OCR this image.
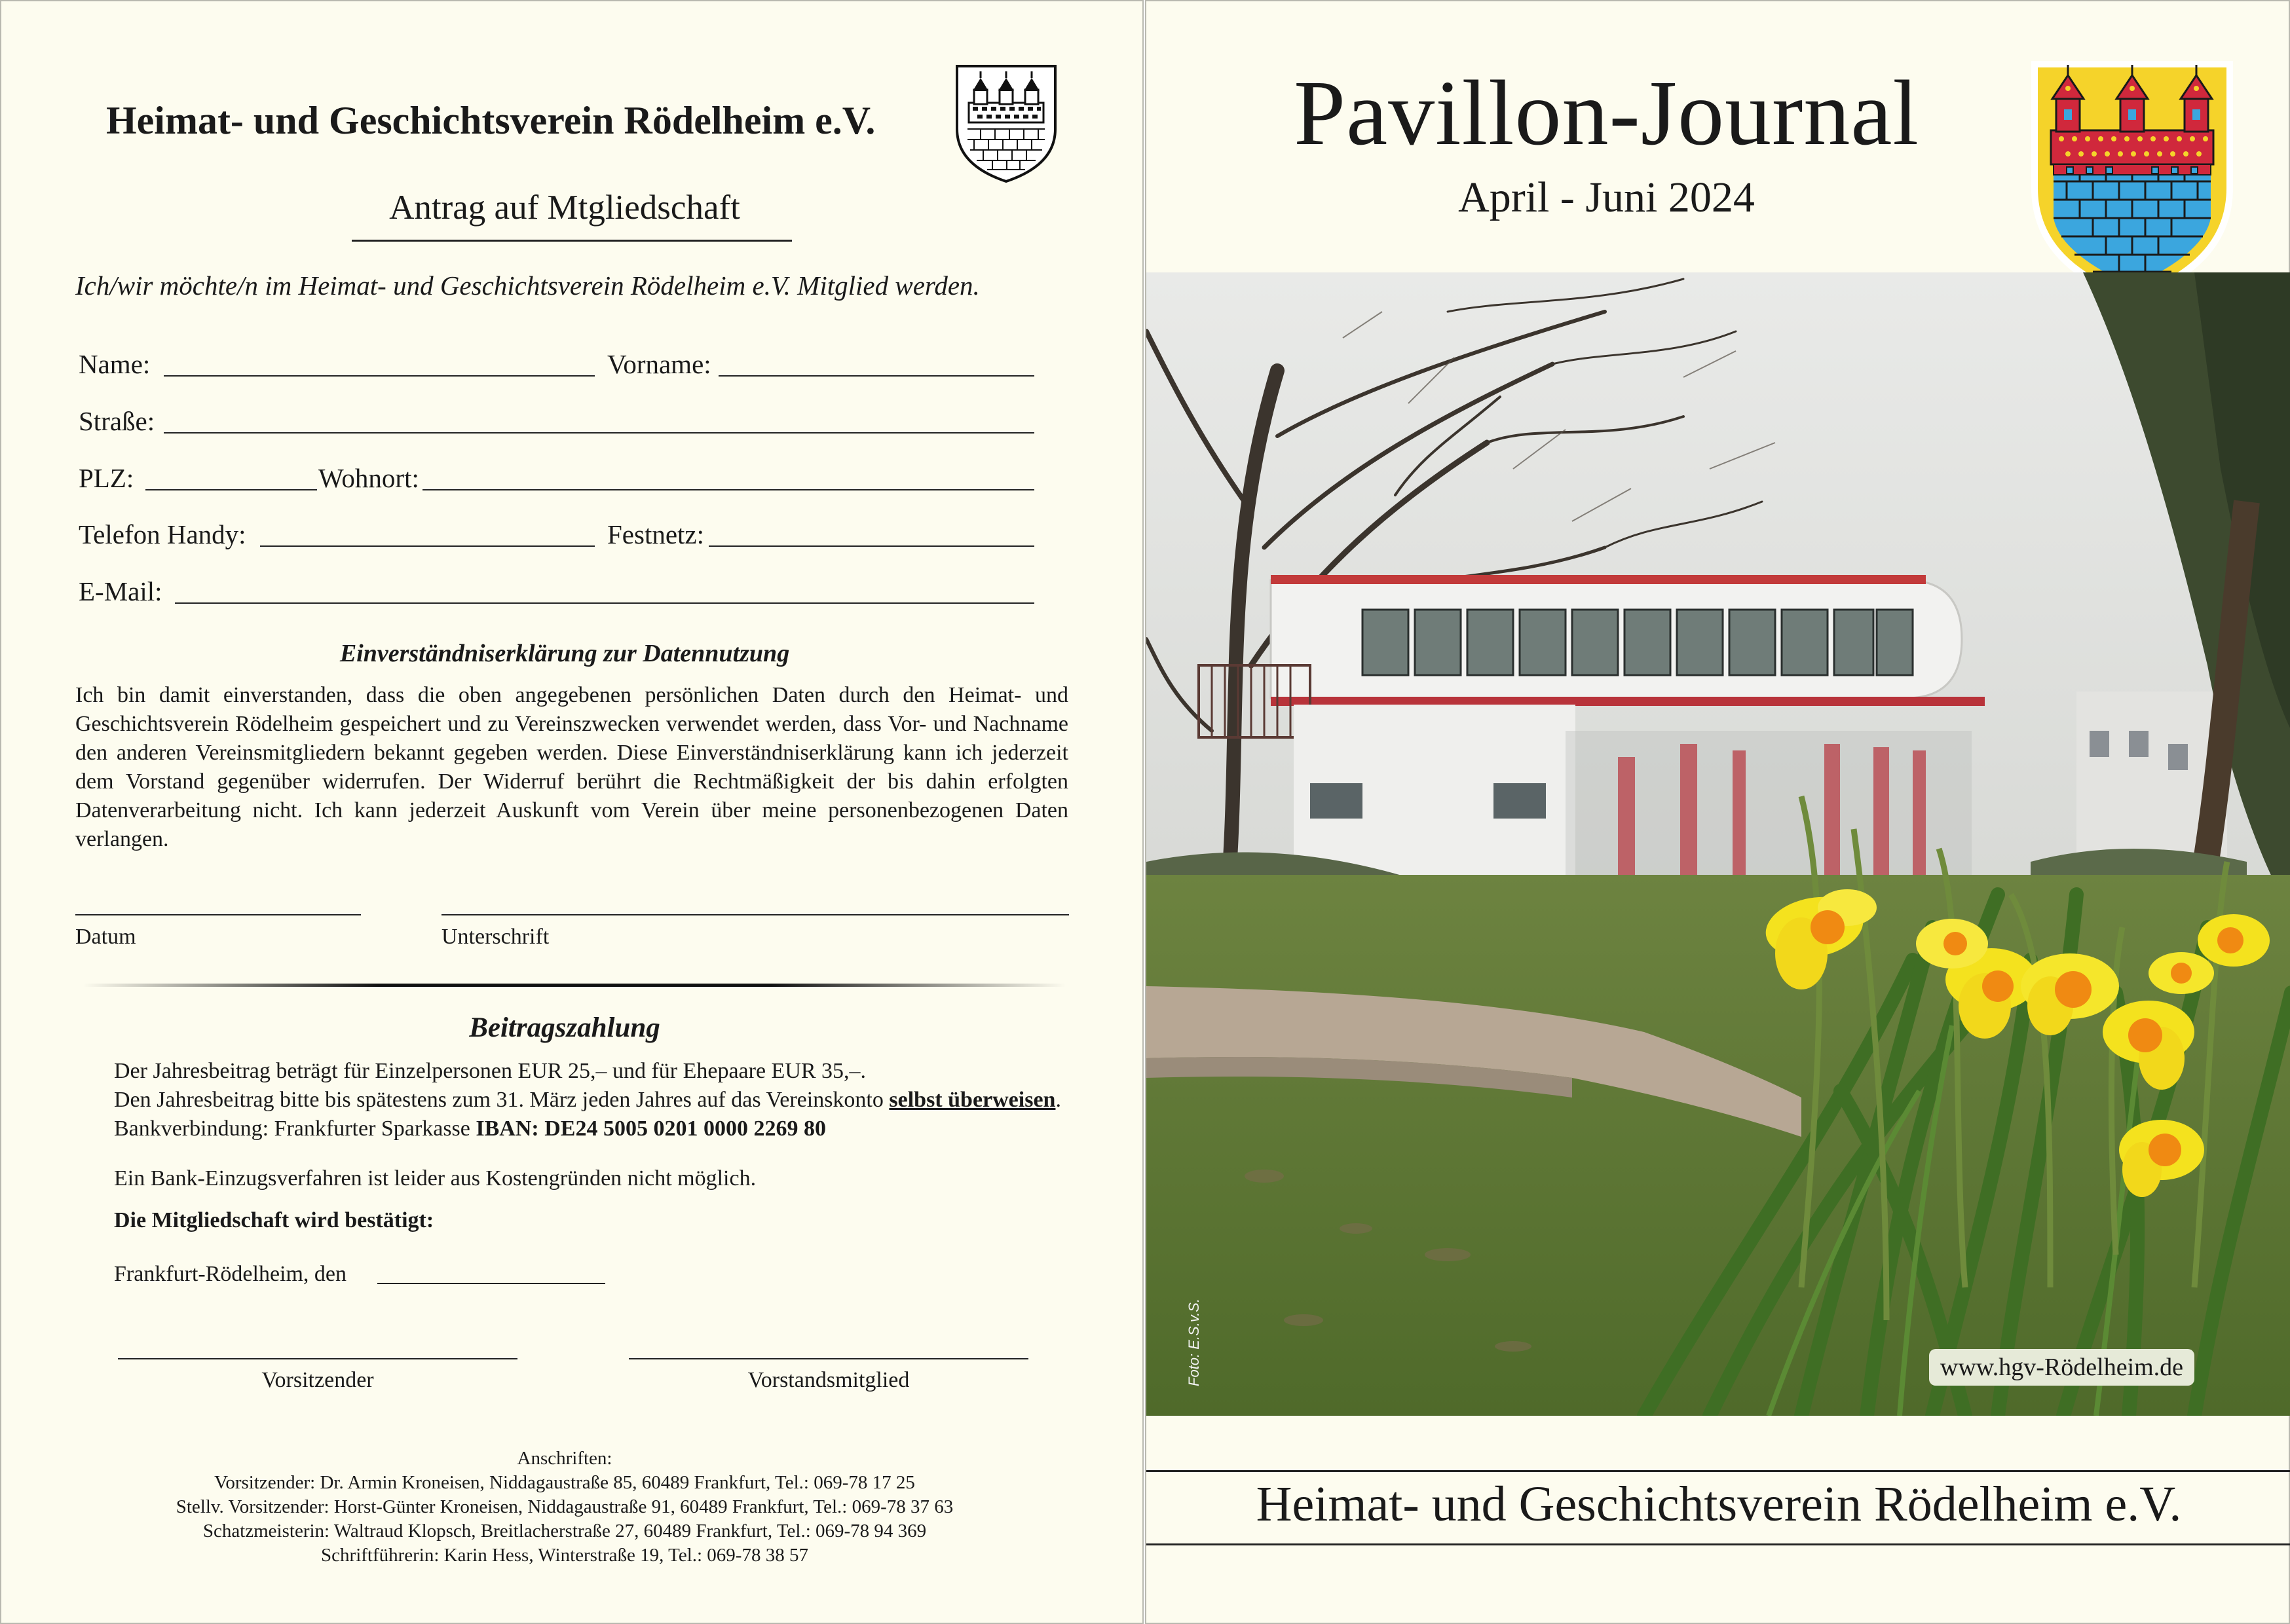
Heimat- und Geschichtsverein Rödelheim e.V.
Antrag auf Mtgliedschaft
Ich/wir möchte/n im Heimat- und Geschichtsverein Rödelheim e.V. Mitglied werden.
Name:	Vorname:
Straße:
PLZ:	Wohnort:
Telefon Handy:	Festnetz:
E-Mail:
Einverständniserklärung zur Datennutzung
Ich bin damit einverstanden, dass die oben angegebenen persönlichen Daten durch den Heimat- und Geschichtsverein Rödelheim gespeichert und zu Vereinszwecken verwendet werden, dass Vor- und Nachname den anderen Vereinsmitgliedern bekannt gegeben werden. Diese Einverständniserklärung kann ich jederzeit dem Vorstand gegenüber widerrufen. Der Widerruf berührt die Rechtmäßigkeit der bis dahin erfolgten Datenverarbeitung nicht. Ich kann jederzeit Auskunft vom Verein über meine personenbezogenen Daten verlangen.
Datum	Unterschrift
Beitragszahlung
Der Jahresbeitrag beträgt für Einzelpersonen EUR 25,– und für Ehepaare EUR 35,–.
Den Jahresbeitrag bitte bis spätestens zum 31. März jeden Jahres auf das Vereinskonto selbst überweisen. Bankverbindung: Frankfurter Sparkasse IBAN: DE24 5005 0201 0000 2269 80
Ein Bank-Einzugsverfahren ist leider aus Kostengründen nicht möglich.
Die Mitgliedschaft wird bestätigt:
Frankfurt-Rödelheim, den
Vorsitzender	Vorstandsmitglied
Anschriften:
Vorsitzender: Dr. Armin Kroneisen, Niddagaustraße 85, 60489 Frankfurt, Tel.: 069-78 17 25
Stellv. Vorsitzender: Horst-Günter Kroneisen, Niddagaustraße 91, 60489 Frankfurt, Tel.: 069-78 37 63
Schatzmeisterin: Waltraud Klopsch, Breitlacherstraße 27, 60489 Frankfurt, Tel.: 069-78 94 369
Schriftführerin: Karin Hess, Winterstraße 19, Tel.: 069-78 38 57
Pavillon-Journal
April - Juni 2024
Foto: E.S.v.S.	www.hgv-Rödelheim.de
Heimat- und Geschichtsverein Rödelheim e.V.
